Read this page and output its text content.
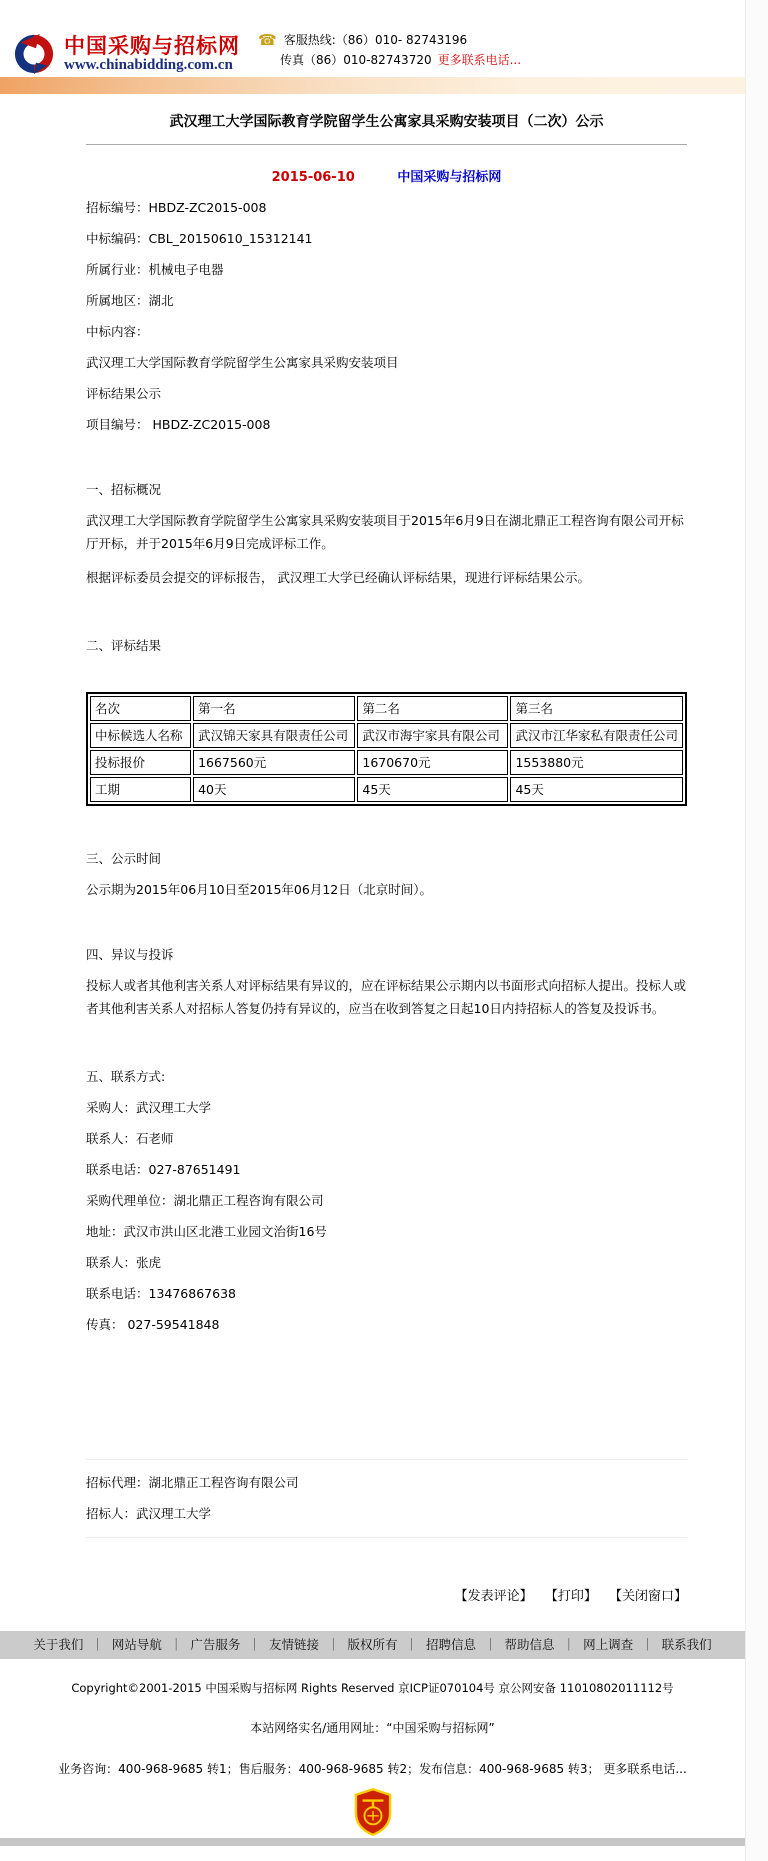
中国采购与招标网
www.chinabidding.com.cn
☎ 客服热线: （86）010- 82743196
传真 （86）010-82743720 更多联系电话...
武汉理工大学国际教育学院留学生公寓家具采购安装项目（二次）公示
2015-06-10	中国采购与招标网

招标编号：HBDZ-ZC2015-008

中标编码：CBL_20150610_15312141

所属行业：机械电子电器

所属地区：湖北

中标内容：

武汉理工大学国际教育学院留学生公寓家具采购安装项目

评标结果公示

项目编号： HBDZ-ZC2015-008

一、招标概况

武汉理工大学国际教育学院留学生公寓家具采购安装项目于2015年6月9日在湖北鼎正工程咨询有限公司开标厅开标，并于2015年6月9日完成评标工作。

根据评标委员会提交的评标报告， 武汉理工大学已经确认评标结果，现进行评标结果公示。

二、评标结果

名次	第一名	第二名	第三名
中标候选人名称	武汉锦天家具有限责任公司	武汉市海宇家具有限公司	武汉市江华家私有限责任公司
投标报价	1667560元	1670670元	1553880元
工期	40天	45天	45天

三、公示时间

公示期为2015年06月10日至2015年06月12日（北京时间）。

四、异议与投诉

投标人或者其他利害关系人对评标结果有异议的，应在评标结果公示期内以书面形式向招标人提出。投标人或者其他利害关系人对招标人答复仍持有异议的，应当在收到答复之日起10日内持招标人的答复及投诉书。

五、联系方式:

采购人：武汉理工大学

联系人：石老师

联系电话：027-87651491

采购代理单位：湖北鼎正工程咨询有限公司

地址：武汉市洪山区北港工业园文治街16号

联系人：张虎

联系电话：13476867638

传真： 027-59541848

招标代理：湖北鼎正工程咨询有限公司

招标人：武汉理工大学

【发表评论】 【打印】 【关闭窗口】
关于我们 ｜ 网站导航 ｜ 广告服务 ｜ 友情链接 ｜ 版权所有 ｜ 招聘信息 ｜ 帮助信息 ｜ 网上调查 ｜ 联系我们
Copyright©2001-2015 中国采购与招标网 Rights Reserved 京ICP证070104号 京公网安备 11010802011112号
本站网络实名/通用网址：“中国采购与招标网”
业务咨询：400-968-9685 转1；售后服务：400-968-9685 转2；发布信息：400-968-9685 转3； 更多联系电话...
